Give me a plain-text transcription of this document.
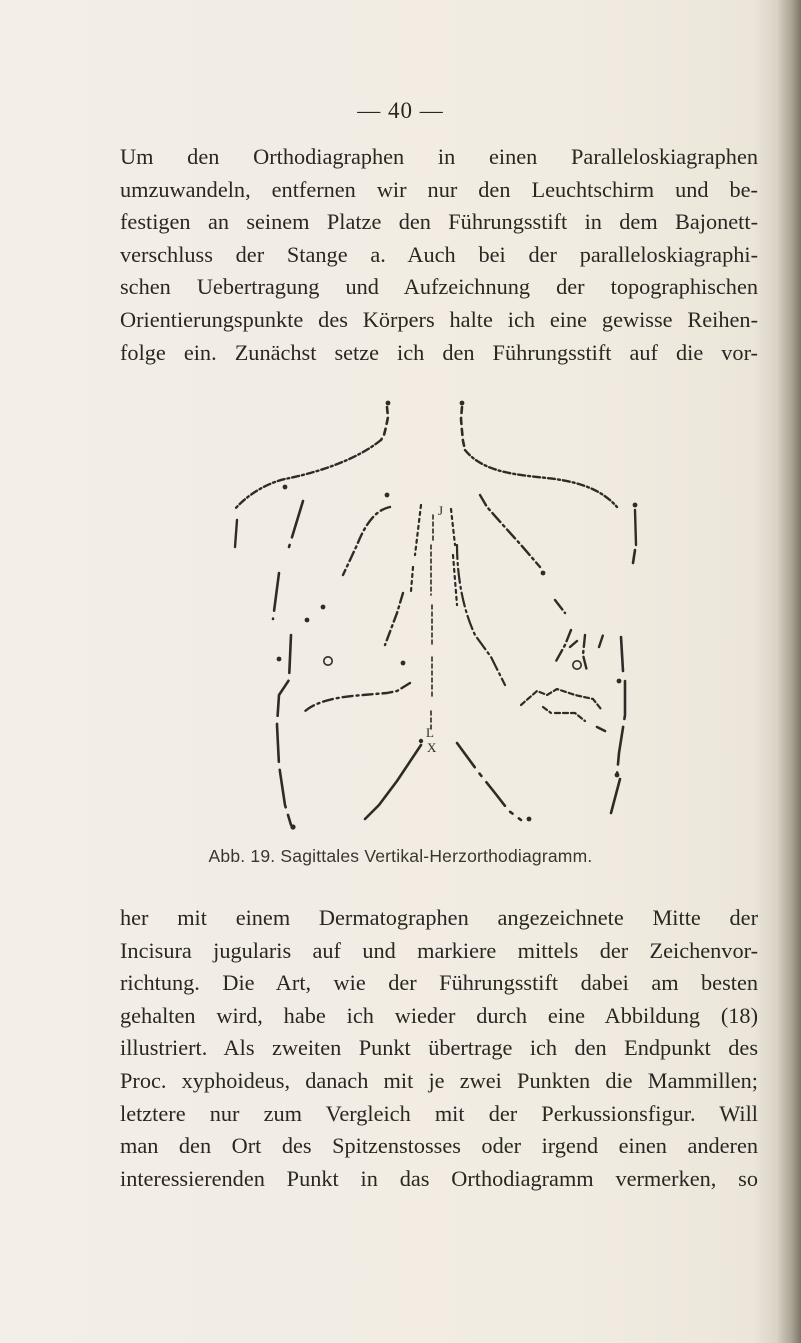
— 40 —
Um den Orthodiagraphen in einen Paralleloskiagraphen
umzuwandeln, entfernen wir nur den Leuchtschirm und be-
festigen an seinem Platze den Führungsstift in dem Bajonett-
verschluss der Stange a. Auch bei der paralleloskiagraphi-
schen Uebertragung und Aufzeichnung der topographischen
Orientierungspunkte des Körpers halte ich eine gewisse Reihen-
folge ein. Zunächst setze ich den Führungsstift auf die vor-
J
L
X
Abb. 19. Sagittales Vertikal-Herzorthodiagramm.
her mit einem Dermatographen angezeichnete Mitte der
Incisura jugularis auf und markiere mittels der Zeichenvor-
richtung. Die Art, wie der Führungsstift dabei am besten
gehalten wird, habe ich wieder durch eine Abbildung (18)
illustriert. Als zweiten Punkt übertrage ich den Endpunkt des
Proc. xyphoideus, danach mit je zwei Punkten die Mammillen;
letztere nur zum Vergleich mit der Perkussionsfigur. Will
man den Ort des Spitzenstosses oder irgend einen anderen
interessierenden Punkt in das Orthodiagramm vermerken, so
